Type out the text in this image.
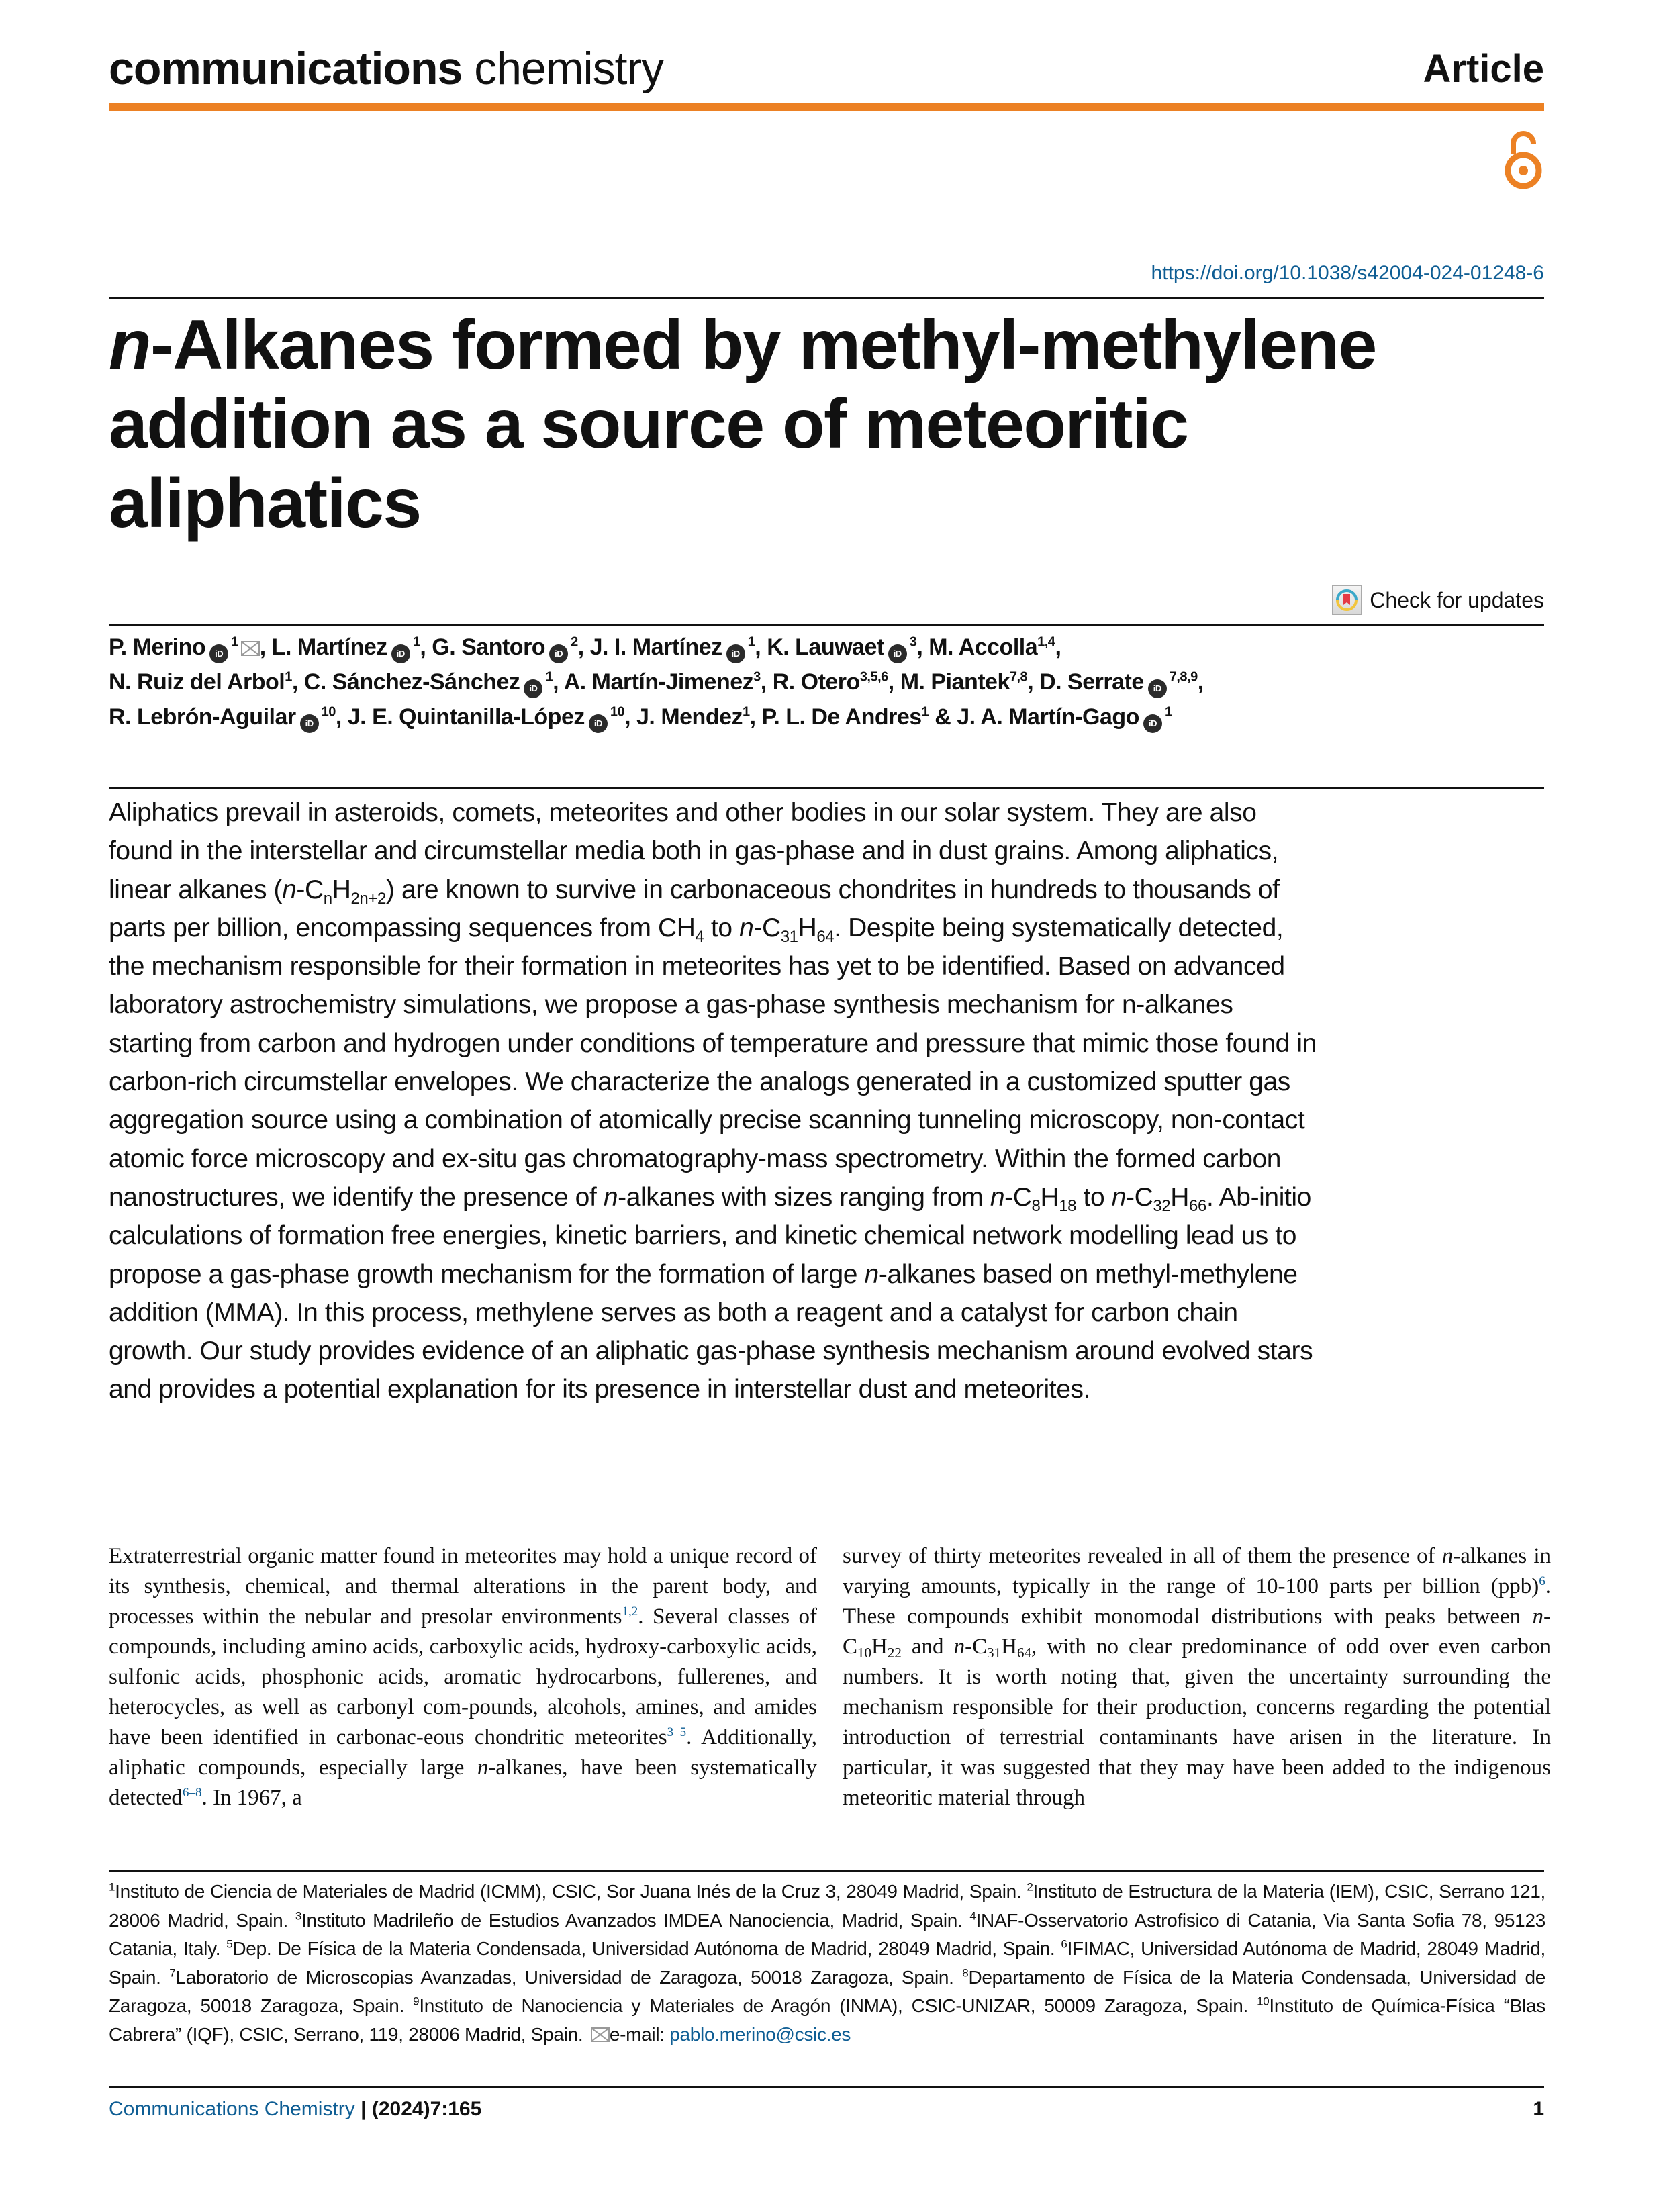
communications chemistry	Article
https://doi.org/10.1038/s42004-024-01248-6
n-Alkanes formed by methyl-methylene
addition as a source of meteoritic
aliphatics
Check for updates
P. Merino $iD^1$ , L. Martínez $iD^1$, G. Santoro $iD^2$, J. I. Martínez $iD^1$, K. Lauwaet $iD^3$, M. Accolla$^{1,4}$,
N. Ruiz del Arbol$^1$, C. Sánchez-Sánchez $iD^1$, A. Martín-Jimenez$^3$, R. Otero$^{3,5,6}$, M. Piantek$^{7,8}$, D. Serrate iD$^{7,8,9}$,
R. Lebrón-Aguilar $iD^{10}$, J. E. Quintanilla-López $iD^{10}$, J. Mendez$^1$, P. L. De Andres$^1$ & J. A. Martín-Gago $iD^1$

Aliphatics prevail in asteroids, comets, meteorites and other bodies in our solar system. They are also found in the interstellar and circumstellar media both in gas-phase and in dust grains. Among aliphatics, linear alkanes $(n-C_nH_{2n+2})$ are known to survive in carbonaceous chondrites in hundreds to thousands of parts per billion, encompassing sequences from $CH_4$ to $n-C_{31}H_{64}$. Despite being systematically detected, the mechanism responsible for their formation in meteorites has yet to be identified. Based on advanced laboratory astrochemistry simulations, we propose a gas-phase synthesis mechanism for n-alkanes starting from carbon and hydrogen under conditions of temperature and pressure that mimic those found in carbon-rich circumstellar envelopes. We characterize the analogs generated in a customized sputter gas aggregation source using a combination of atomically precise scanning tunneling microscopy, non-contact atomic force microscopy and ex-situ gas chromatography-mass spectrometry. Within the formed carbon nanostructures, we identify the presence of n-alkanes with sizes ranging from $n-C_8H_{18}$ to $n-C_{32}H_{66}$. Ab-initio calculations of formation free energies, kinetic barriers, and kinetic chemical network modelling lead us to propose a gas-phase growth mechanism for the formation of large n-alkanes based on methyl-methylene addition (MMA). In this process, methylene serves as both a reagent and a catalyst for carbon chain growth. Our study provides evidence of an aliphatic gas-phase synthesis mechanism around evolved stars and provides a potential explanation for its presence in interstellar dust and meteorites.

Extraterrestrial organic matter found in meteorites may hold a unique record of its synthesis, chemical, and thermal alterations in the parent body, and processes within the nebular and presolar environments$^{1,2}$. Several classes of compounds, including amino acids, carboxylic acids, hydroxy-carboxylic acids, sulfonic acids, phosphonic acids, aromatic hydrocarbons, fullerenes, and heterocycles, as well as carbonyl com-pounds, alcohols, amines, and amides have been identified in carbonac-eous chondritic meteorites$^{3-5}$. Additionally, aliphatic compounds, especially large n-alkanes, have been systematically detected$^{6-8}$. In 1967, a

survey of thirty meteorites revealed in all of them the presence of n-alkanes in varying amounts, typically in the range of 10-100 parts per billion (ppb)$^6$. These compounds exhibit monomodal distributions with peaks between $n-C_{10}H_{22}$ and $n-C_{31}H_{64}$, with no clear predominance of odd over even carbon numbers. It is worth noting that, given the uncertainty surrounding the mechanism responsible for their production, concerns regarding the potential introduction of terrestrial contaminants have arisen in the literature. In particular, it was suggested that they may have been added to the indigenous meteoritic material through

$^1$Instituto de Ciencia de Materiales de Madrid (ICMM), CSIC, Sor Juana Inés de la Cruz 3, 28049 Madrid, Spain. $^2$Instituto de Estructura de la Materia (IEM), CSIC, Serrano 121, 28006 Madrid, Spain. $^3$Instituto Madrileño de Estudios Avanzados IMDEA Nanociencia, Madrid, Spain. $^4$INAF-Osservatorio Astrofisico di Catania, Via Santa Sofia 78, 95123 Catania, Italy. $^5$Dep. De Física de la Materia Condensada, Universidad Autónoma de Madrid, 28049 Madrid, Spain. $^6$IFIMAC, Universidad Autónoma de Madrid, 28049 Madrid, Spain. $^7$Laboratorio de Microscopias Avanzadas, Universidad de Zaragoza, 50018 Zaragoza, Spain. $^8$Departamento de Física de la Materia Condensada, Universidad de Zaragoza, 50018 Zaragoza, Spain. $^9$Instituto de Nanociencia y Materiales de Aragón (INMA), CSIC-UNIZAR, 50009 Zaragoza, Spain. $^{10}$Instituto de Química-Física “Blas Cabrera” (IQF), CSIC, Serrano, 119, 28006 Madrid, Spain.
e-mail: pablo.merino@csic.es

Communications Chemistry | (2024)7:165	1
